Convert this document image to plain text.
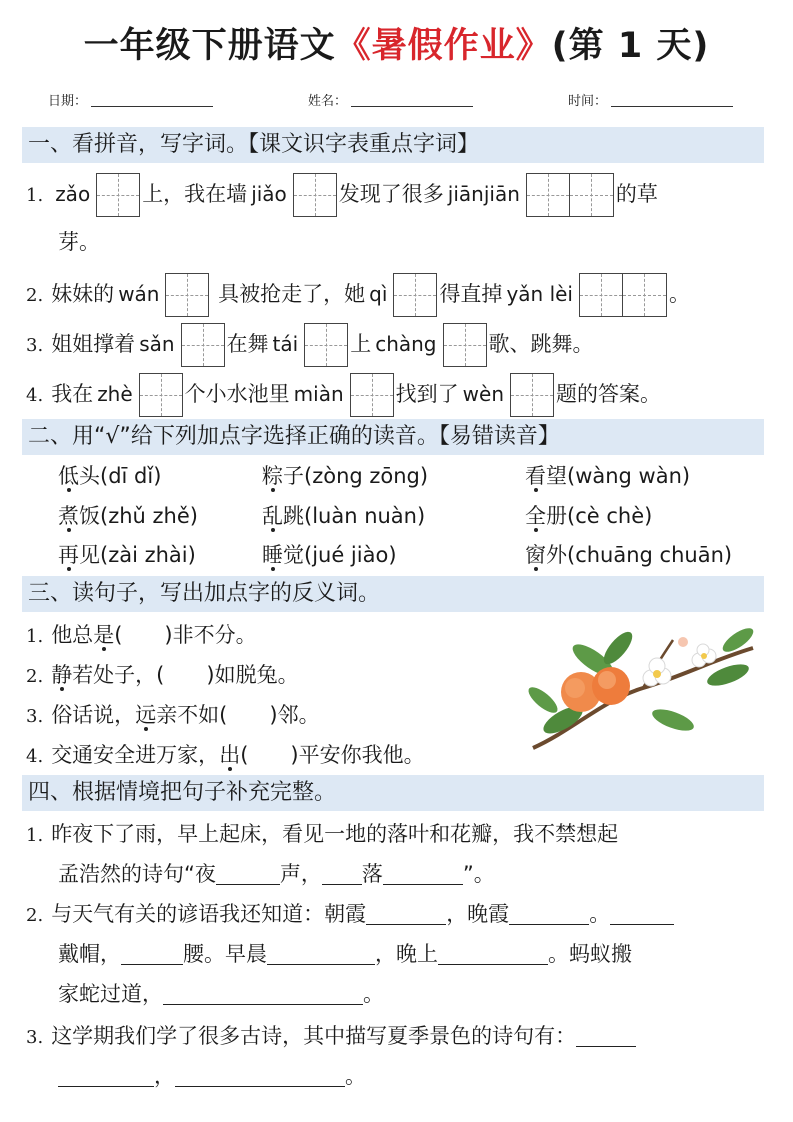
一年级下册语文《暑假作业》(第 1 天)
日期：	姓名：	时间：
一、看拼音，写字词。【课文识字表重点字词】
1. zǎo 上，我在墙 jiǎo 发现了很多 jiānjiān	的草
芽。
2. 妹妹的 wán
具被抢走了，她 qì 得直掉 yǎn lèi	。
3. 姐姐撑着 sǎn 在舞 tái 上 chàng 歌、跳舞。
4. 我在 zhè 个小水池里 miàn 找到了 wèn 题的答案。
二、用“√”给下列加点字选择正确的读音。【易错读音】
低头(dī dǐ)	粽子(zòng zōng)	看望(wàng wàn)
煮饭(zhǔ zhě)	乱跳(luàn nuàn)	全册(cè chè)
再见(zài zhài)	睡觉(jué jiào)	窗外(chuāng chuān)
三、读句子，写出加点字的反义词。
1. 他总是(　　)非不分。
2. 静若处子，(　　)如脱兔。
3. 俗话说，远亲不如(　　)邻。
4. 交通安全进万家，出(　　)平安你我他。
四、根据情境把句子补充完整。
1. 昨夜下了雨，早上起床，看见一地的落叶和花瓣，我不禁想起
孟浩然的诗句“夜	声， 落	”。
2. 与天气有关的谚语我还知道：朝霞	，晚霞	。
戴帽，	腰。早晨	，晚上	。蚂蚁搬
家蛇过道，	。
3. 这学期我们学了很多古诗，其中描写夏季景色的诗句有：
，	。
